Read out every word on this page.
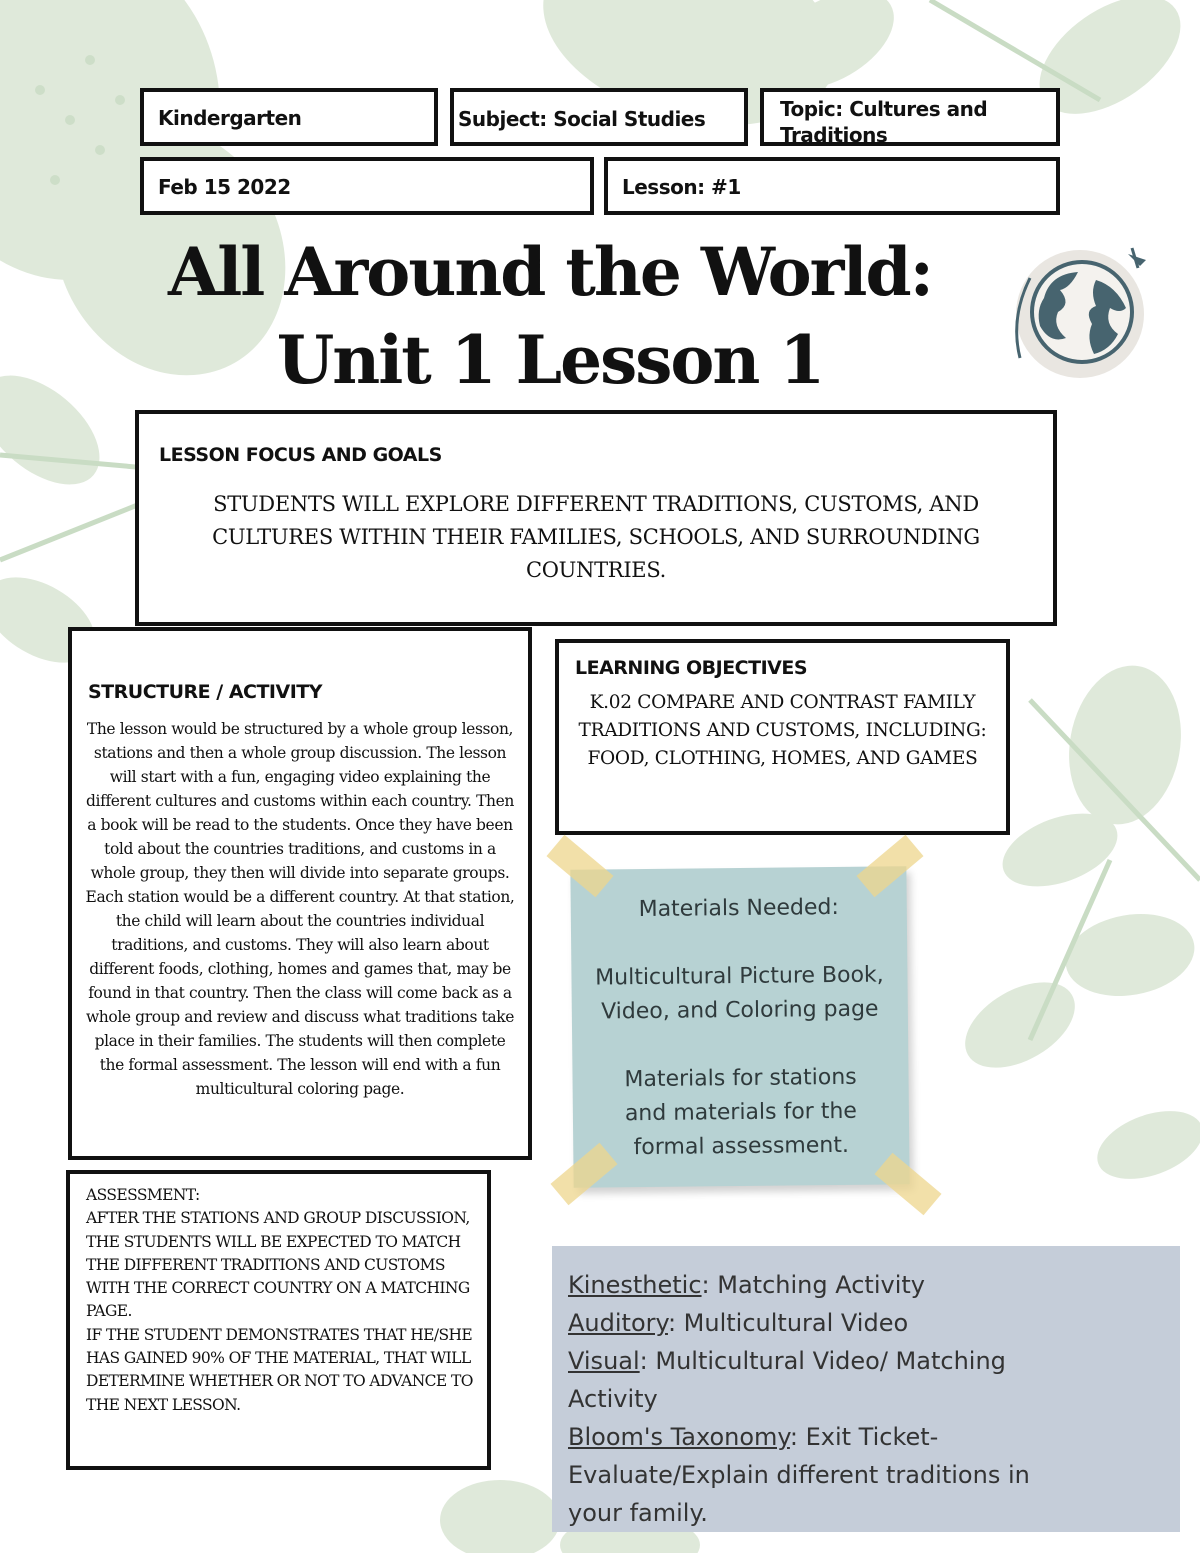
Kindergarten	Subject: Social Studies	Topic: Cultures and Traditions
Feb 15 2022	Lesson: #1
All Around the World:
Unit 1 Lesson 1
LESSON FOCUS AND GOALS
STUDENTS WILL EXPLORE DIFFERENT TRADITIONS, CUSTOMS, AND CULTURES WITHIN THEIR FAMILIES, SCHOOLS, AND SURROUNDING COUNTRIES.
STRUCTURE / ACTIVITY
The lesson would be structured by a whole group lesson, stations and then a whole group discussion. The lesson will start with a fun, engaging video explaining the different cultures and customs within each country. Then a book will be read to the students. Once they have been told about the countries traditions, and customs in a whole group, they then will divide into separate groups. Each station would be a different country. At that station, the child will learn about the countries individual traditions, and customs. They will also learn about different foods, clothing, homes and games that, may be found in that country. Then the class will come back as a whole group and review and discuss what traditions take place in their families. The students will then complete the formal assessment. The lesson will end with a fun multicultural coloring page.
LEARNING OBJECTIVES
K.02 COMPARE AND CONTRAST FAMILY TRADITIONS AND CUSTOMS, INCLUDING: FOOD, CLOTHING, HOMES, AND GAMES
Materials Needed:
Multicultural Picture Book, Video, and Coloring page
Materials for stations and materials for the formal assessment.
ASSESSMENT:
AFTER THE STATIONS AND GROUP DISCUSSION, THE STUDENTS WILL BE EXPECTED TO MATCH THE DIFFERENT TRADITIONS AND CUSTOMS WITH THE CORRECT COUNTRY ON A MATCHING PAGE.
IF THE STUDENT DEMONSTRATES THAT HE/SHE HAS GAINED 90% OF THE MATERIAL, THAT WILL DETERMINE WHETHER OR NOT TO ADVANCE TO THE NEXT LESSON.
Kinesthetic: Matching Activity
Auditory: Multicultural Video
Visual: Multicultural Video/ Matching Activity
Bloom's Taxonomy: Exit Ticket- Evaluate/Explain different traditions in your family.
